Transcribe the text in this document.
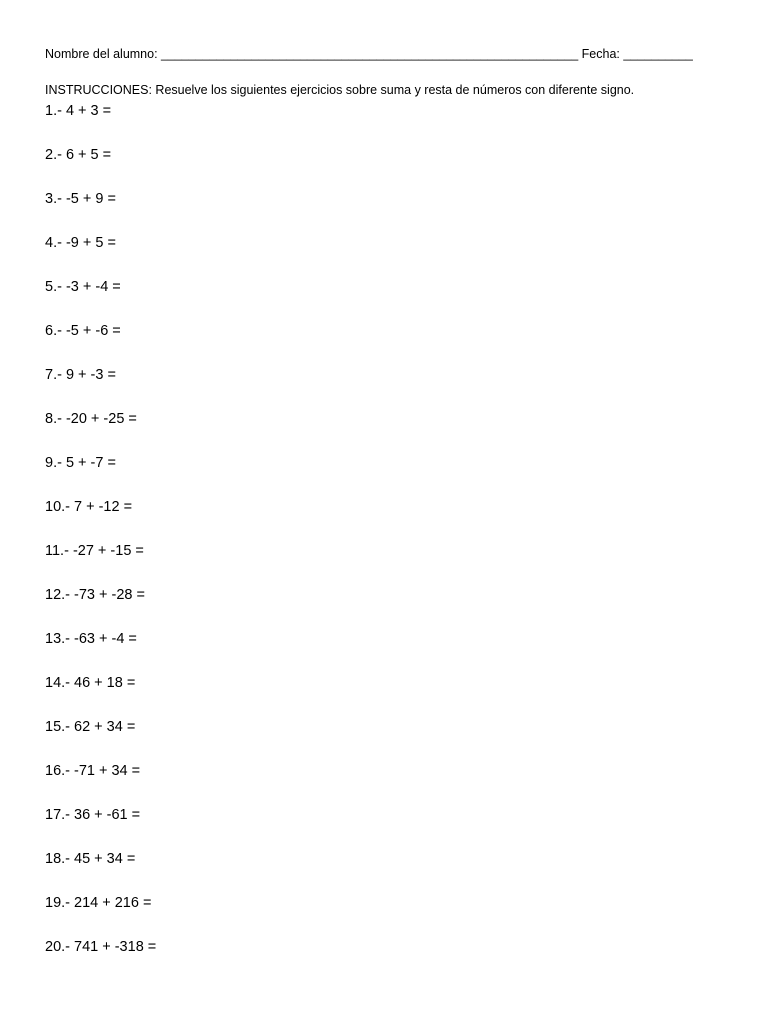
Nombre del alumno: ____________________________________________________________ Fecha: __________
INSTRUCCIONES: Resuelve los siguientes ejercicios sobre suma y resta de números con diferente signo.
1.- 4 + 3 =
2.- 6 + 5 =
3.- -5 + 9 =
4.- -9 + 5 =
5.- -3 + -4 =
6.- -5 + -6 =
7.- 9 + -3 =
8.- -20 + -25 =
9.- 5 + -7 =
10.- 7 + -12 =
11.- -27 + -15 =
12.- -73 + -28 =
13.- -63 + -4 =
14.- 46 + 18 =
15.- 62 + 34 =
16.- -71 + 34 =
17.- 36 + -61 =
18.- 45 + 34 =
19.- 214 + 216 =
20.- 741 + -318 =
